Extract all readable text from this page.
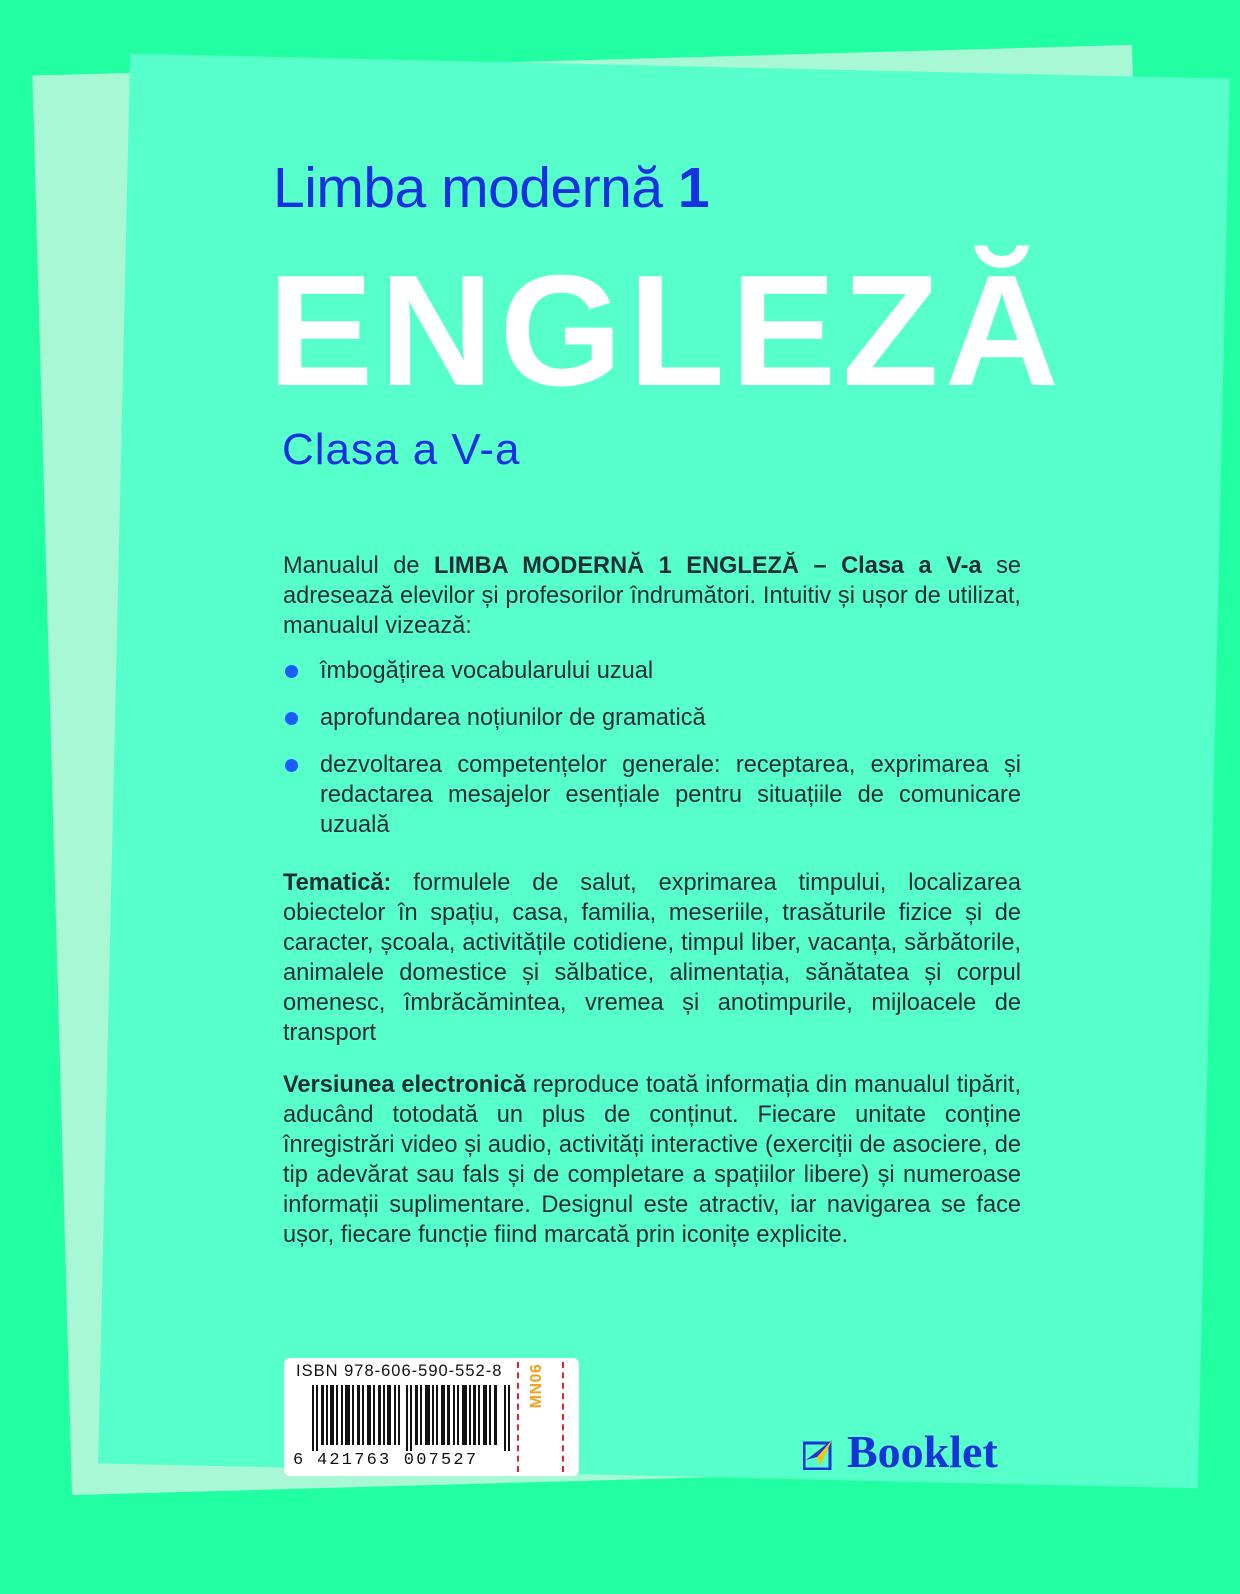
Limba modernă 1
ENGLEZĂ
Clasa a V-a

Manualul de LIMBA MODERNĂ 1 ENGLEZĂ – Clasa a V-a se adresează elevilor și profesorilor îndrumători. Intuitiv și ușor de utilizat, manualul vizează:

îmbogățirea vocabularului uzual
aprofundarea noțiunilor de gramatică
dezvoltarea competențelor generale: receptarea, exprimarea și redactarea mesajelor esențiale pentru situațiile de comunicare uzuală

Tematică: formulele de salut, exprimarea timpului, localizarea obiectelor în spațiu, casa, familia, meseriile, trasăturile fizice și de caracter, școala, activitățile cotidiene, timpul liber, vacanța, sărbătorile, animalele domestice și sălbatice, alimentația, sănătatea și corpul omenesc, îmbrăcămintea, vremea și anotimpurile, mijloacele de transport

Versiunea electronică reproduce toată informația din manualul tipărit, aducând totodată un plus de conținut. Fiecare unitate conține înregistrări video și audio, activități interactive (exerciții de asociere, de tip adevărat sau fals și de completare a spațiilor libere) și numeroase informații suplimentare. Designul este atractiv, iar navigarea se face ușor, fiecare funcție fiind marcată prin iconițe explicite.

ISBN 978-606-590-552-8
6 421763 007527
MN06
Booklet
